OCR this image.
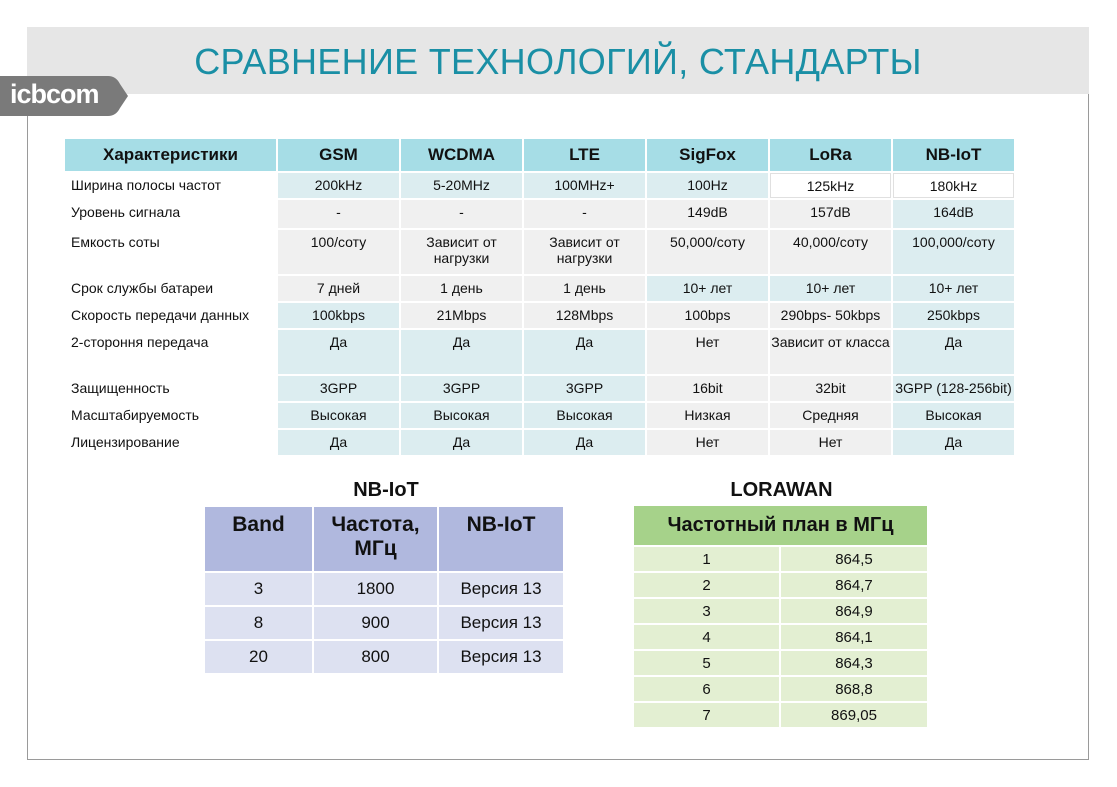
СРАВНЕНИЕ ТЕХНОЛОГИЙ, СТАНДАРТЫ
icbcom
Характеристики	GSM	WCDMA	LTE	SigFox	LoRa	NB-IoT
Ширина полосы частот	200kHz	5-20MHz	100MHz+	100Hz	125kHz	180kHz
Уровень сигнала	-	-	-	149dB	157dB	164dB
Емкость соты	100/соту	Зависит от нагрузки	Зависит от нагрузки	50,000/соту	40,000/соту	100,000/соту
Срок службы батареи	7 дней	1 день	1 день	10+ лет	10+ лет	10+ лет
Скорость передачи данных	100kbps	21Mbps	128Mbps	100bps	290bps- 50kbps	250kbps
2-стороння передача	Да	Да	Да	Нет	Зависит от класса	Да
Защищенность	3GPP	3GPP	3GPP	16bit	32bit	3GPP (128-256bit)
Масштабируемость	Высокая	Высокая	Высокая	Низкая	Средняя	Высокая
Лицензирование	Да	Да	Да	Нет	Нет	Да
NB-IoT
Band	Частота, МГц	NB-IoT
3	1800	Версия 13
8	900	Версия 13
20	800	Версия 13
LORAWAN
Частотный план в МГц	
1	864,5
2	864,7
3	864,9
4	864,1
5	864,3
6	868,8
7	869,05
